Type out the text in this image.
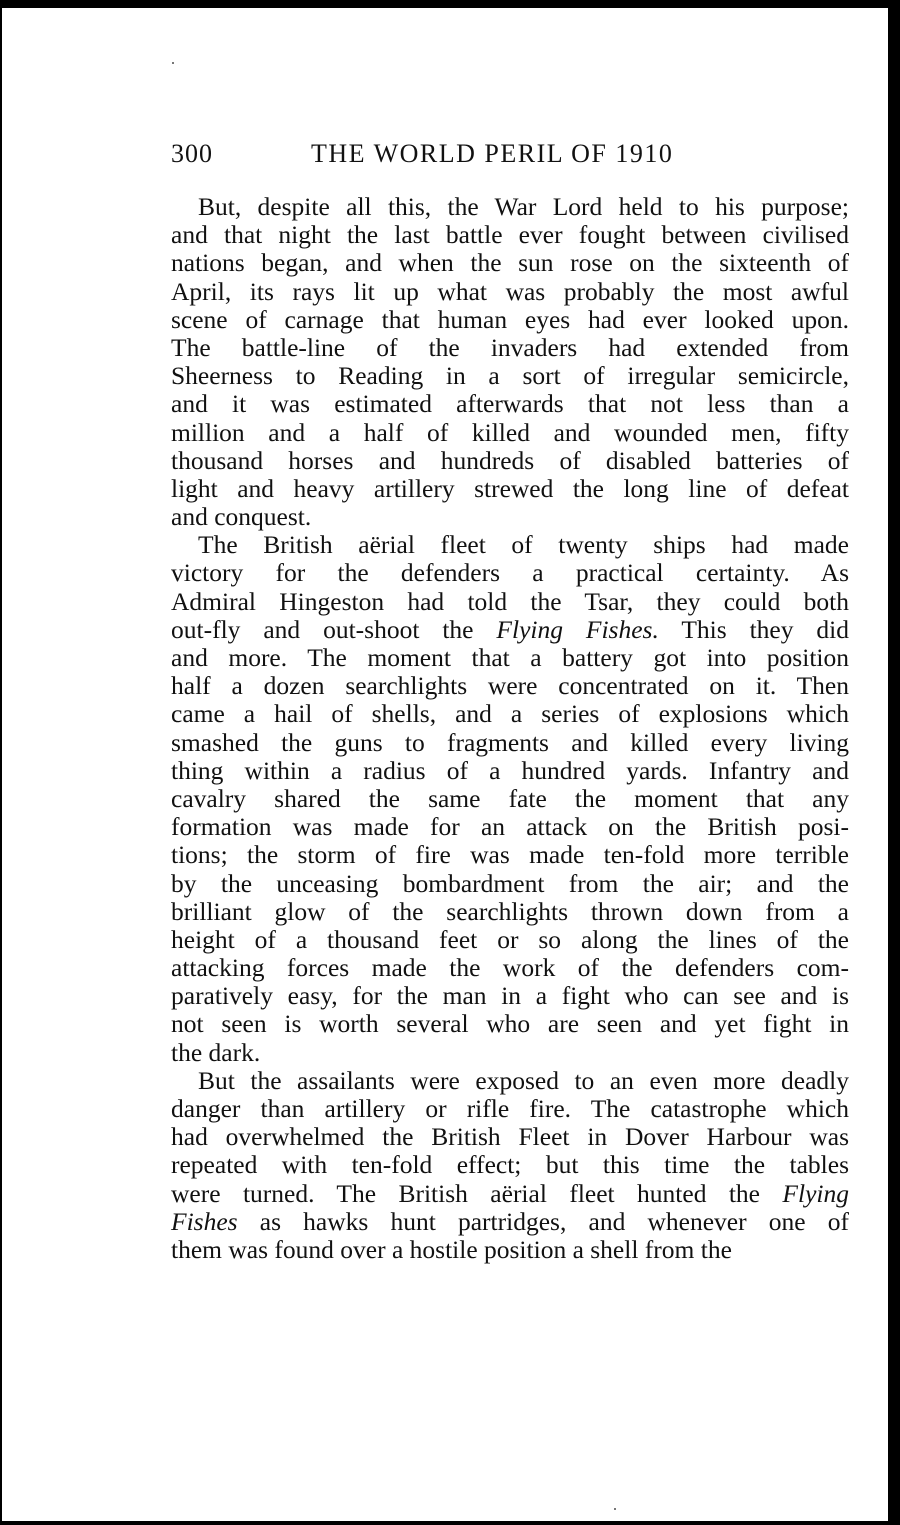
300	THE WORLD PERIL OF 1910
But, despite all this, the War Lord held to his purpose;
and that night the last battle ever fought between civilised
nations began, and when the sun rose on the sixteenth of
April, its rays lit up what was probably the most awful
scene of carnage that human eyes had ever looked upon.
The battle-line of the invaders had extended from
Sheerness to Reading in a sort of irregular semicircle,
and it was estimated afterwards that not less than a
million and a half of killed and wounded men, fifty
thousand horses and hundreds of disabled batteries of
light and heavy artillery strewed the long line of defeat
and conquest.
The British aërial fleet of twenty ships had made
victory for the defenders a practical certainty. As
Admiral Hingeston had told the Tsar, they could both
out-fly and out-shoot the Flying Fishes. This they did
and more. The moment that a battery got into position
half a dozen searchlights were concentrated on it. Then
came a hail of shells, and a series of explosions which
smashed the guns to fragments and killed every living
thing within a radius of a hundred yards. Infantry and
cavalry shared the same fate the moment that any
formation was made for an attack on the British posi-
tions; the storm of fire was made ten-fold more terrible
by the unceasing bombardment from the air; and the
brilliant glow of the searchlights thrown down from a
height of a thousand feet or so along the lines of the
attacking forces made the work of the defenders com-
paratively easy, for the man in a fight who can see and is
not seen is worth several who are seen and yet fight in
the dark.
But the assailants were exposed to an even more deadly
danger than artillery or rifle fire. The catastrophe which
had overwhelmed the British Fleet in Dover Harbour was
repeated with ten-fold effect; but this time the tables
were turned. The British aërial fleet hunted the Flying
Fishes as hawks hunt partridges, and whenever one of
them was found over a hostile position a shell from the
